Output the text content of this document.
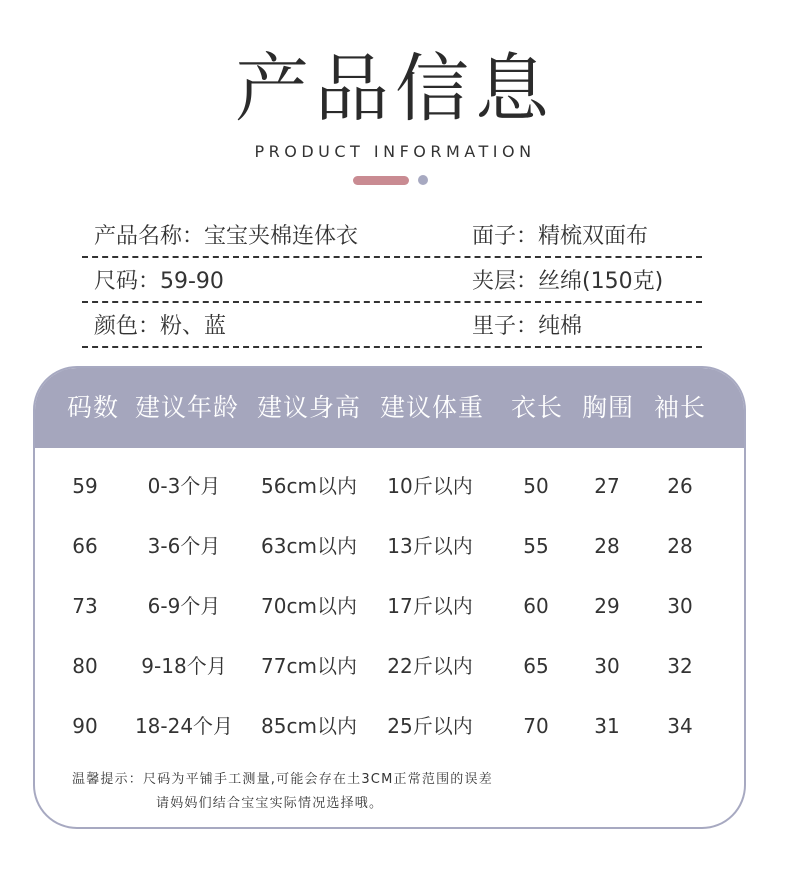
产品信息
PRODUCT INFORMATION
产品名称：宝宝夹棉连体衣	面子：精梳双面布
尺码：59-90	夹层：丝绵(150克)
颜色：粉、蓝	里子：纯棉
码数 建议年龄 建议身高 建议体重 衣长 胸围 袖长
59 0-3个月 56cm以内 10斤以内	50 27 26
66 3-6个月 63cm以内 13斤以内	55 28 28
73 6-9个月 70cm以内 17斤以内	60 29 30
80 9-18个月 77cm以内 22斤以内	65 30 32
90 18-24个月 85cm以内 25斤以内	70 31 34
温馨提示：尺码为平铺手工测量,可能会存在土3CM正常范围的误差
请妈妈们结合宝宝实际情况选择哦。
